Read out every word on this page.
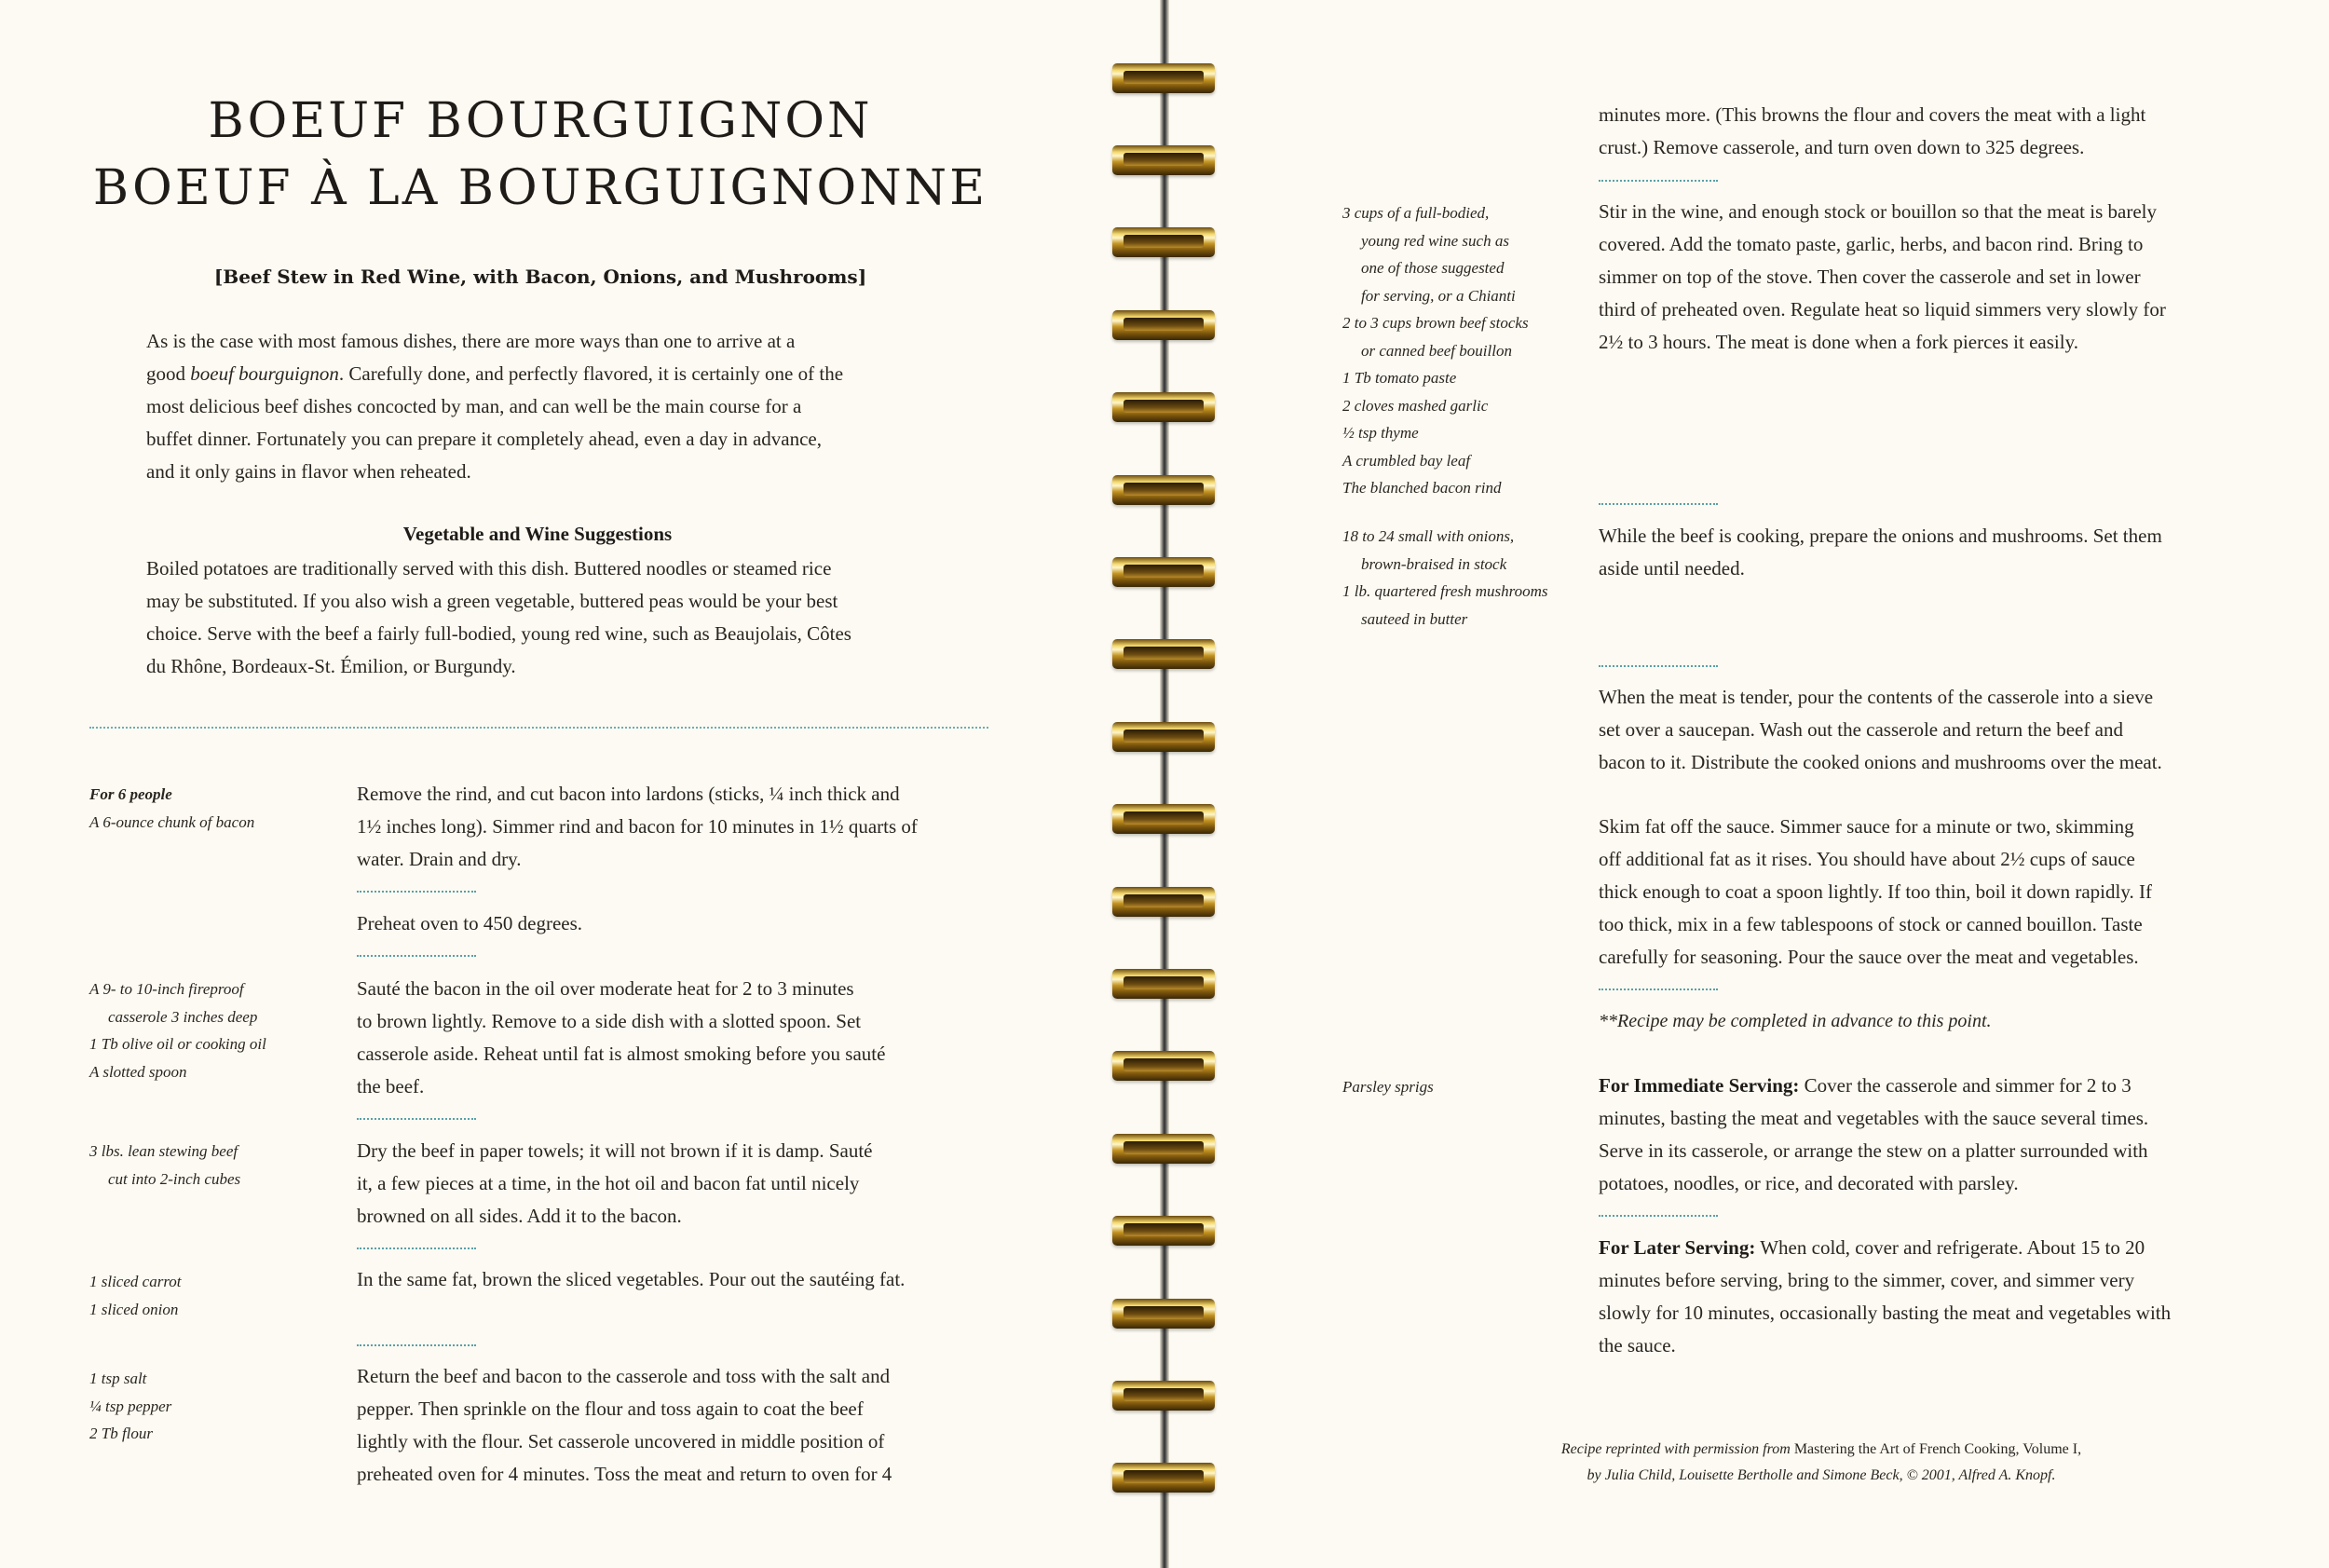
BOEUF BOURGUIGNON
BOEUF À LA BOURGUIGNONNE
[Beef Stew in Red Wine, with Bacon, Onions, and Mushrooms]
As is the case with most famous dishes, there are more ways than one to arrive at a
good boeuf bourguignon. Carefully done, and perfectly flavored, it is certainly one of the
most delicious beef dishes concocted by man, and can well be the main course for a
buffet dinner. Fortunately you can prepare it completely ahead, even a day in advance,
and it only gains in flavor when reheated.
Vegetable and Wine Suggestions
Boiled potatoes are traditionally served with this dish. Buttered noodles or steamed rice
may be substituted. If you also wish a green vegetable, buttered peas would be your best
choice. Serve with the beef a fairly full-bodied, young red wine, such as Beaujolais, Côtes
du Rhône, Bordeaux-St. Émilion, or Burgundy.
For 6 people
A 6-ounce chunk of bacon
Remove the rind, and cut bacon into lardons (sticks, ¼ inch thick and
1½ inches long). Simmer rind and bacon for 10 minutes in 1½ quarts of
water. Drain and dry.
Preheat oven to 450 degrees.
A 9- to 10-inch fireproof
casserole 3 inches deep
1 Tb olive oil or cooking oil
A slotted spoon
Sauté the bacon in the oil over moderate heat for 2 to 3 minutes
to brown lightly. Remove to a side dish with a slotted spoon. Set
casserole aside. Reheat until fat is almost smoking before you sauté
the beef.
3 lbs. lean stewing beef
cut into 2-inch cubes
Dry the beef in paper towels; it will not brown if it is damp. Sauté
it, a few pieces at a time, in the hot oil and bacon fat until nicely
browned on all sides. Add it to the bacon.
1 sliced carrot
1 sliced onion
In the same fat, brown the sliced vegetables. Pour out the sautéing fat.
1 tsp salt
¼ tsp pepper
2 Tb flour
Return the beef and bacon to the casserole and toss with the salt and
pepper. Then sprinkle on the flour and toss again to coat the beef
lightly with the flour. Set casserole uncovered in middle position of
preheated oven for 4 minutes. Toss the meat and return to oven for 4
minutes more. (This browns the flour and covers the meat with a light
crust.) Remove casserole, and turn oven down to 325 degrees.
3 cups of a full-bodied,
young red wine such as
one of those suggested
for serving, or a Chianti
2 to 3 cups brown beef stocks
or canned beef bouillon
1 Tb tomato paste
2 cloves mashed garlic
½ tsp thyme
A crumbled bay leaf
The blanched bacon rind
Stir in the wine, and enough stock or bouillon so that the meat is barely
covered. Add the tomato paste, garlic, herbs, and bacon rind. Bring to
simmer on top of the stove. Then cover the casserole and set in lower
third of preheated oven. Regulate heat so liquid simmers very slowly for
2½ to 3 hours. The meat is done when a fork pierces it easily.
18 to 24 small with onions,
brown-braised in stock
1 lb. quartered fresh mushrooms
sauteed in butter
While the beef is cooking, prepare the onions and mushrooms. Set them
aside until needed.
When the meat is tender, pour the contents of the casserole into a sieve
set over a saucepan. Wash out the casserole and return the beef and
bacon to it. Distribute the cooked onions and mushrooms over the meat.
Skim fat off the sauce. Simmer sauce for a minute or two, skimming
off additional fat as it rises. You should have about 2½ cups of sauce
thick enough to coat a spoon lightly. If too thin, boil it down rapidly. If
too thick, mix in a few tablespoons of stock or canned bouillon. Taste
carefully for seasoning. Pour the sauce over the meat and vegetables.
**Recipe may be completed in advance to this point.
Parsley sprigs	For Immediate Serving: Cover the casserole and simmer for 2 to 3
minutes, basting the meat and vegetables with the sauce several times.
Serve in its casserole, or arrange the stew on a platter surrounded with
potatoes, noodles, or rice, and decorated with parsley.
For Later Serving: When cold, cover and refrigerate. About 15 to 20
minutes before serving, bring to the simmer, cover, and simmer very
slowly for 10 minutes, occasionally basting the meat and vegetables with
the sauce.
Recipe reprinted with permission from Mastering the Art of French Cooking, Volume I,
by Julia Child, Louisette Bertholle and Simone Beck, © 2001, Alfred A. Knopf.
